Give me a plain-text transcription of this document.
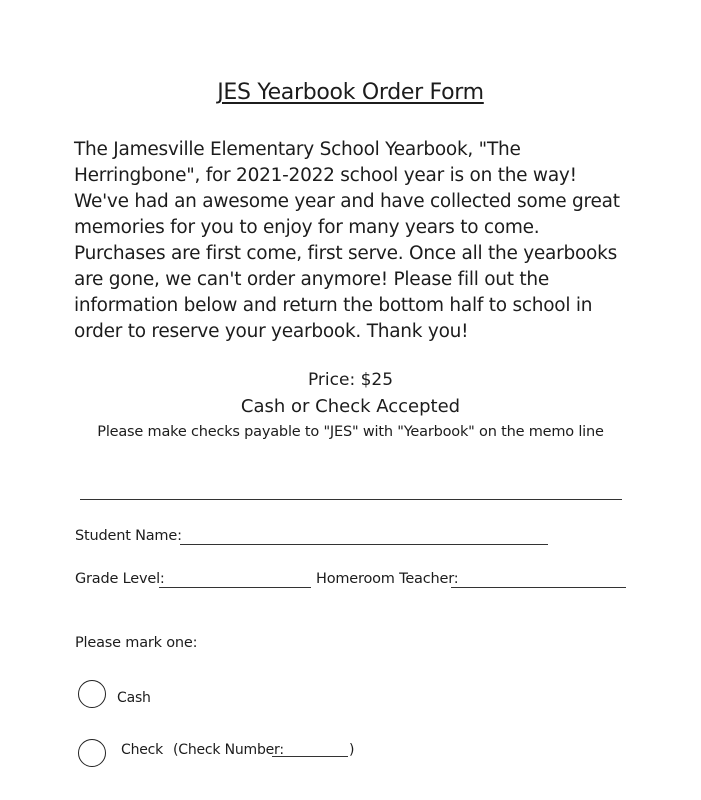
JES Yearbook Order Form
The Jamesville Elementary School Yearbook, "The Herringbone", for 2021-2022 school year is on the way! We've had an awesome year and have collected some great memories for you to enjoy for many years to come. Purchases are first come, first serve. Once all the yearbooks are gone, we can't order anymore! Please fill out the information below and return the bottom half to school in order to reserve your yearbook. Thank you!
Price: $25
Cash or Check Accepted
Please make checks payable to "JES" with "Yearbook" on the memo line
Student Name:
Grade Level:	Homeroom Teacher:
Please mark one:
Cash
Check (Check Number:	)
